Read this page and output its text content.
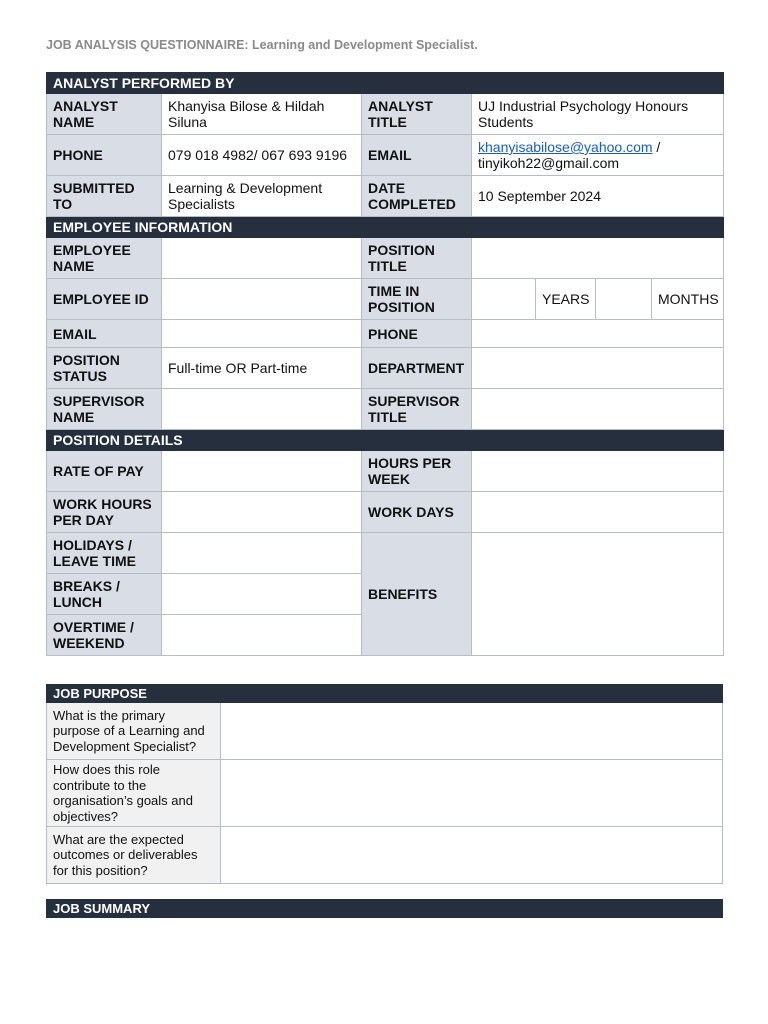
JOB ANALYSIS QUESTIONNAIRE: Learning and Development Specialist.
ANALYST PERFORMED BY						
ANALYST NAME	Khanyisa Bilose & Hildah Siluna	ANALYST TITLE	UJ Industrial Psychology Honours Students			
PHONE	079 018 4982/ 067 693 9196	EMAIL	khanyisabilose@yahoo.com /
tinyikoh22@gmail.com			
SUBMITTED TO	Learning & Development Specialists	DATE COMPLETED	10 September 2024			
EMPLOYEE INFORMATION						
EMPLOYEE NAME		POSITION TITLE				
EMPLOYEE ID		TIME IN POSITION		YEARS		MONTHS
EMAIL		PHONE				
POSITION STATUS	Full-time OR Part-time	DEPARTMENT				
SUPERVISOR NAME		SUPERVISOR TITLE				
POSITION DETAILS						
RATE OF PAY		HOURS PER WEEK				
WORK HOURS PER DAY		WORK DAYS				
HOLIDAYS / LEAVE TIME		BENEFITS				
BREAKS / LUNCH						
OVERTIME / WEEKEND						
JOB PURPOSE	
What is the primary purpose of a Learning and Development Specialist?	
How does this role contribute to the organisation’s goals and objectives?	
What are the expected outcomes or deliverables for this position?	
JOB SUMMARY
